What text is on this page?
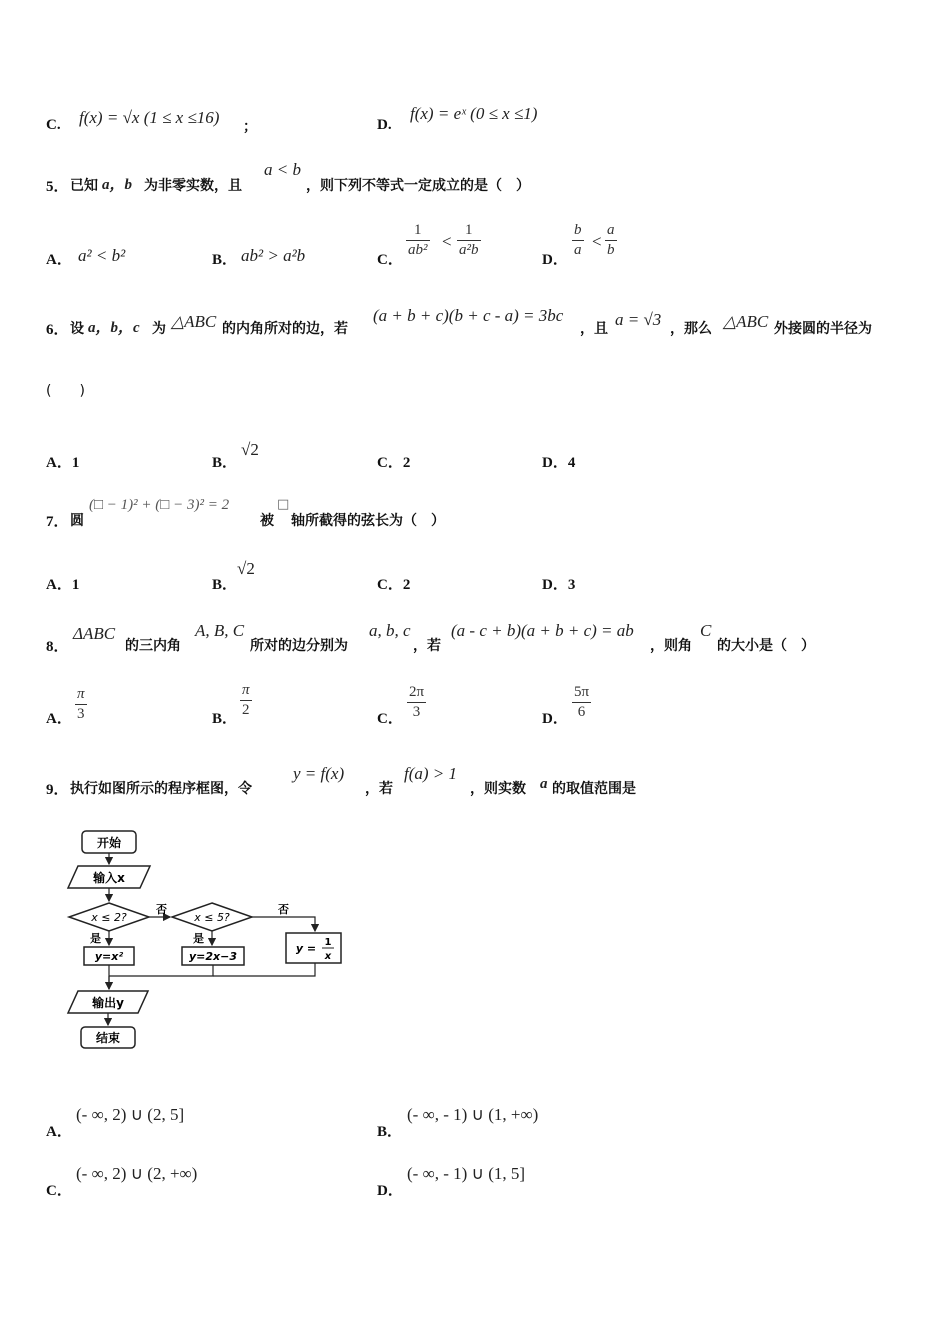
C. f(x) = √x (1 ≤ x ≤16) ；	D.
f(x) = eˣ (0 ≤ x ≤1)
5． 已知 a，b 为非零实数，且
a < b
，则下列不等式一定成立的是（　）
A． a² < b²	B． ab² > a²b	C．
1
ab² <
1
a²b
D．
b
a <
a
b
6． 设 a，b，c 为 △ABC 的内角所对的边，若
(a + b + c)(b + c - a) = 3bc
，且 a = √3 ，那么 △ABC 外接圆的半径为
(　　)
A．1	B．
√2
C．2	D．4
7． 圆
(□ − 1)² + (□ − 3)² = 2	□
被 轴所截得的弦长为（　）
A．1	B．
√2
C．2	D．3
8．
ΔABC
的三内角
A, B, C
所对的边分别为
a, b, c
，若
(a - c + b)(a + b + c) = ab
，则角
C
的大小是（　）
A．
π
3	B．
π
2
C．
2π
3	D．
5π
6
9． 执行如图所示的程序框图，令
y = f(x)
，若
f(a) > 1
，则实数 a 的取值范围是
开始
输入x
x ≤ 2?
否
x ≤ 5?
否
是	是
y=x²	y=2x−3
y = 1
x
输出y
结束
A．
(- ∞, 2) ∪ (2, 5]
B．
(- ∞, - 1) ∪ (1, +∞)
C．
(- ∞, 2) ∪ (2, +∞)
D．
(- ∞, - 1) ∪ (1, 5]
